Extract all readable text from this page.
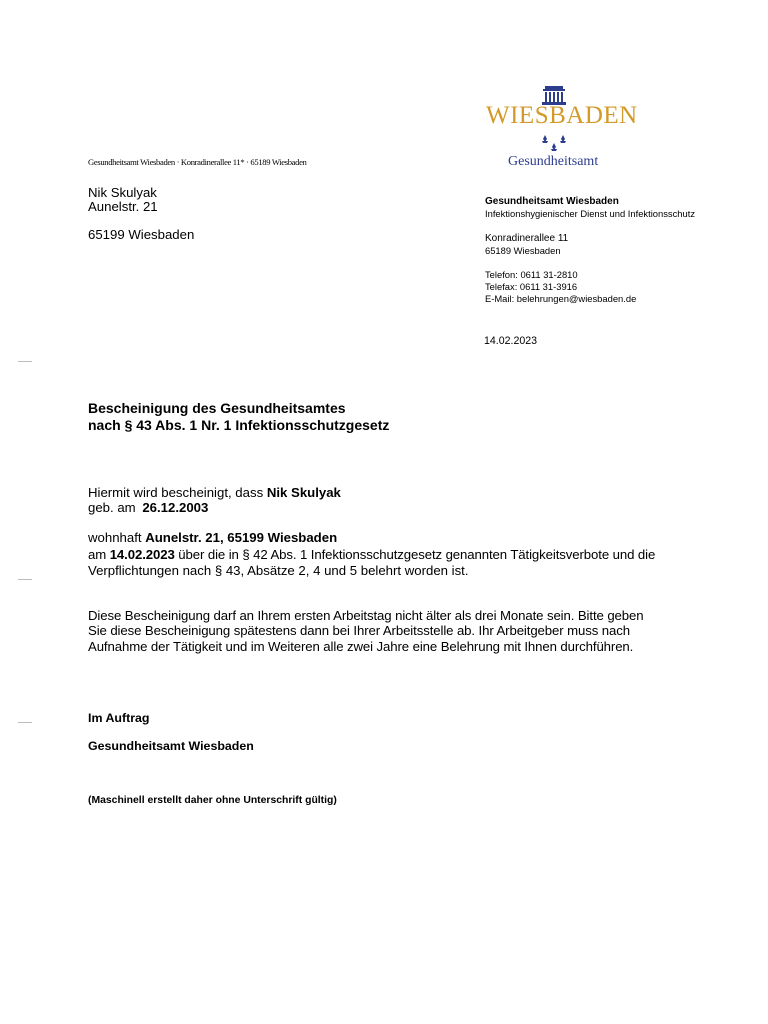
WIESBADEN
Gesundheitsamt
Gesundheitsamt Wiesbaden · Konradinerallee 11* · 65189 Wiesbaden
Nik Skulyak
Aunelstr. 21
65199 Wiesbaden
Gesundheitsamt Wiesbaden
Infektionshygienischer Dienst und Infektionsschutz
Konradinerallee 11
65189 Wiesbaden
Telefon: 0611 31-2810
Telefax: 0611 31-3916
E-Mail: belehrungen@wiesbaden.de
14.02.2023
Bescheinigung des Gesundheitsamtes
nach § 43 Abs. 1 Nr. 1 Infektionsschutzgesetz
Hiermit wird bescheinigt, dass Nik Skulyak
geb. am 26.12.2003
wohnhaft Aunelstr. 21, 65199 Wiesbaden
am 14.02.2023 über die in § 42 Abs. 1 Infektionsschutzgesetz genannten Tätigkeitsverbote und die
Verpflichtungen nach § 43, Absätze 2, 4 und 5 belehrt worden ist.
Diese Bescheinigung darf an Ihrem ersten Arbeitstag nicht älter als drei Monate sein. Bitte geben
Sie diese Bescheinigung spätestens dann bei Ihrer Arbeitsstelle ab. Ihr Arbeitgeber muss nach
Aufnahme der Tätigkeit und im Weiteren alle zwei Jahre eine Belehrung mit Ihnen durchführen.
Im Auftrag
Gesundheitsamt Wiesbaden
(Maschinell erstellt daher ohne Unterschrift gültig)
